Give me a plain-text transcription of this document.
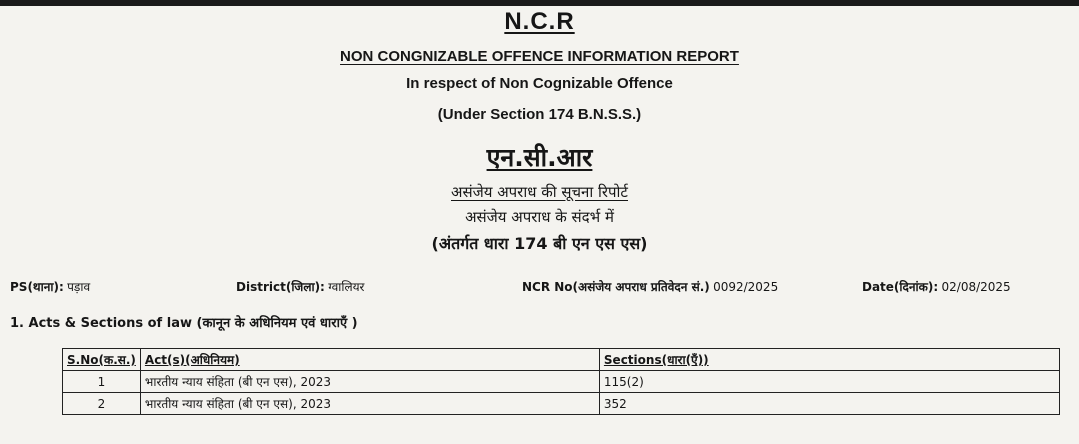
N.C.R
NON CONGNIZABLE OFFENCE INFORMATION REPORT
In respect of Non Cognizable Offence
(Under Section 174 B.N.S.S.)
एन.सी.आर
असंजेय अपराध की सूचना रिपोर्ट
असंजेय अपराध के संदर्भ में
(अंतर्गत धारा 174 बी एन एस एस)
PS(थाना): पड़ाव	District(जिला): ग्वालियर	NCR No(असंजेय अपराध प्रतिवेदन सं.) 0092/2025	Date(दिनांक): 02/08/2025
1. Acts & Sections of law (कानून के अधिनियम एवं धाराएँ )
S.No(क.स.)	Act(s)(अधिनियम)	Sections(धारा(एँ))
1	भारतीय न्याय संहिता (बी एन एस), 2023	115(2)
2	भारतीय न्याय संहिता (बी एन एस), 2023	352
